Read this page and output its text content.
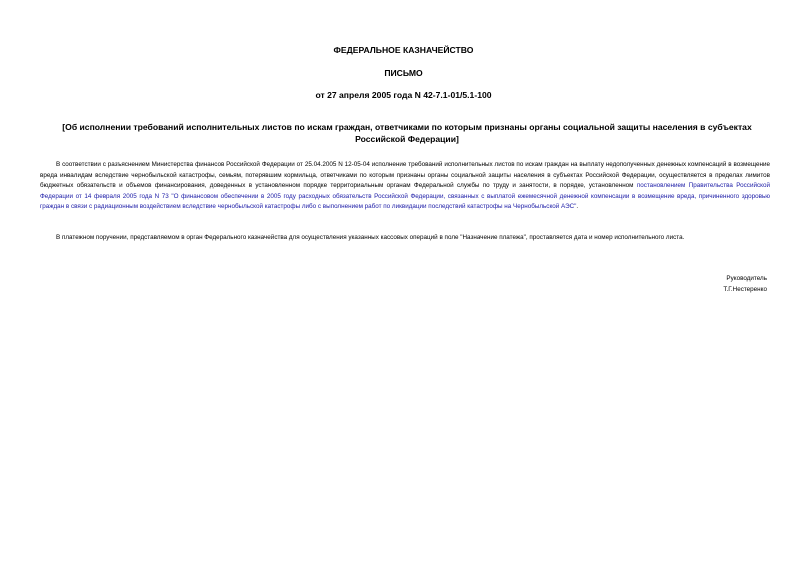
ФЕДЕРАЛЬНОЕ КАЗНАЧЕЙСТВО
ПИСЬМО
от 27 апреля 2005 года N 42-7.1-01/5.1-100
[Об исполнении требований исполнительных листов по искам граждан, ответчиками по которым признаны органы социальной защиты населения в субъектах
Российской Федерации]
В соответствии с разъяснением Министерства финансов Российской Федерации от 25.04.2005 N 12-05-04 исполнение требований исполнительных листов по искам граждан на выплату недополученных денежных компенсаций в возмещение вреда инвалидам вследствие чернобыльской катастрофы, семьям, потерявшим кормильца, ответчиками по которым признаны органы социальной защиты населения в субъектах Российской Федерации, осуществляется в пределах лимитов бюджетных обязательств и объемов финансирования, доведенных в установленном порядке территориальным органам Федеральной службы по труду и занятости, в порядке, установленном постановлением Правительства Российской Федерации от 14 февраля 2005 года N 73 "О финансовом обеспечении в 2005 году расходных обязательств Российской Федерации, связанных с выплатой ежемесячной денежной компенсации в возмещение вреда, причиненного здоровью граждан в связи с радиационным воздействием вследствие чернобыльской катастрофы либо с выполнением работ по ликвидации последствий катастрофы на Чернобыльской АЭС".
В платежном поручении, представляемом в орган Федерального казначейства для осуществления указанных кассовых операций в поле "Назначение платежа", проставляется дата и номер исполнительного листа.
Руководитель
Т.Г.Нестеренко
